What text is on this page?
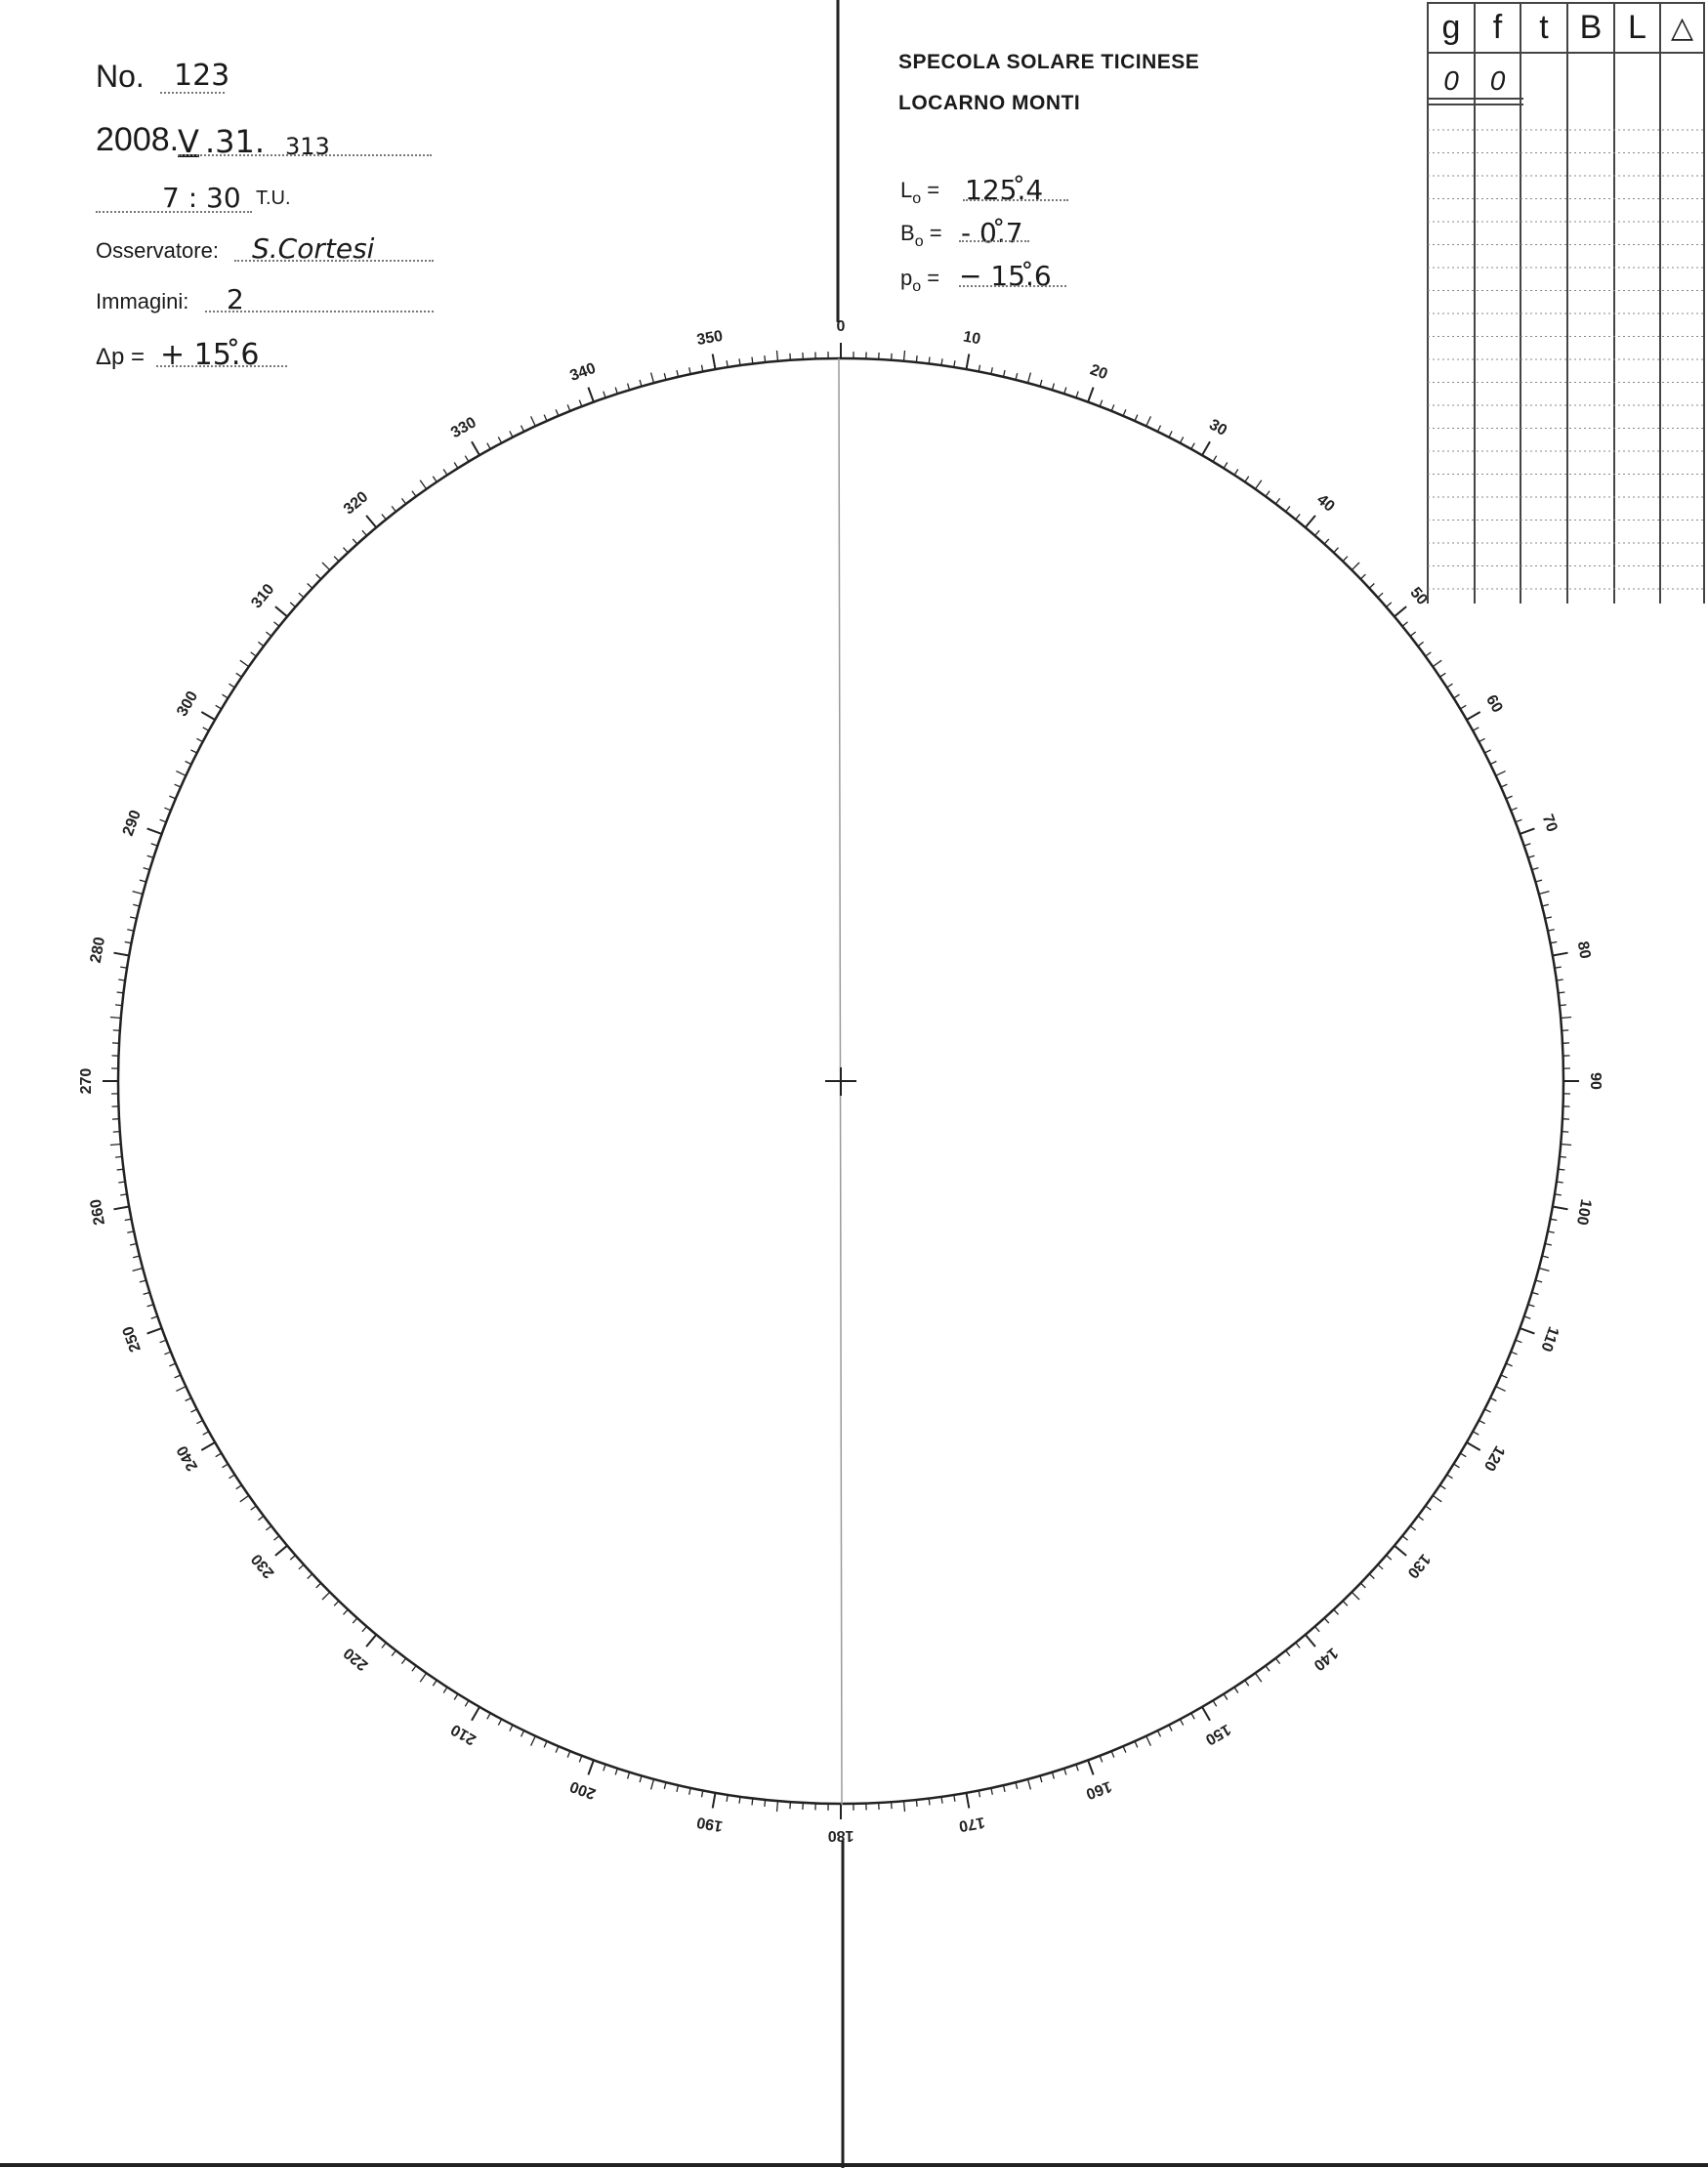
0
10
20
30
40
50
60
70
80
90
100
110
120
130
140
150
160
170
180
190
200
210
220
230
240
250
260
270
280
290
300
310
320
330
340
350
No. 123
2008.
V .31. 313
7 : 30 T.U.
Osservatore: S.Cortesi
Immagini: 2
Δp = + 15.̊6
SPECOLA SOLARE TICINESE
LOCARNO MONTI
$L_o$ = 125.̊4
$B_o$ = - 0.̊7
$p_o$ = − 15.̊6
g f	t B L △
0	0
